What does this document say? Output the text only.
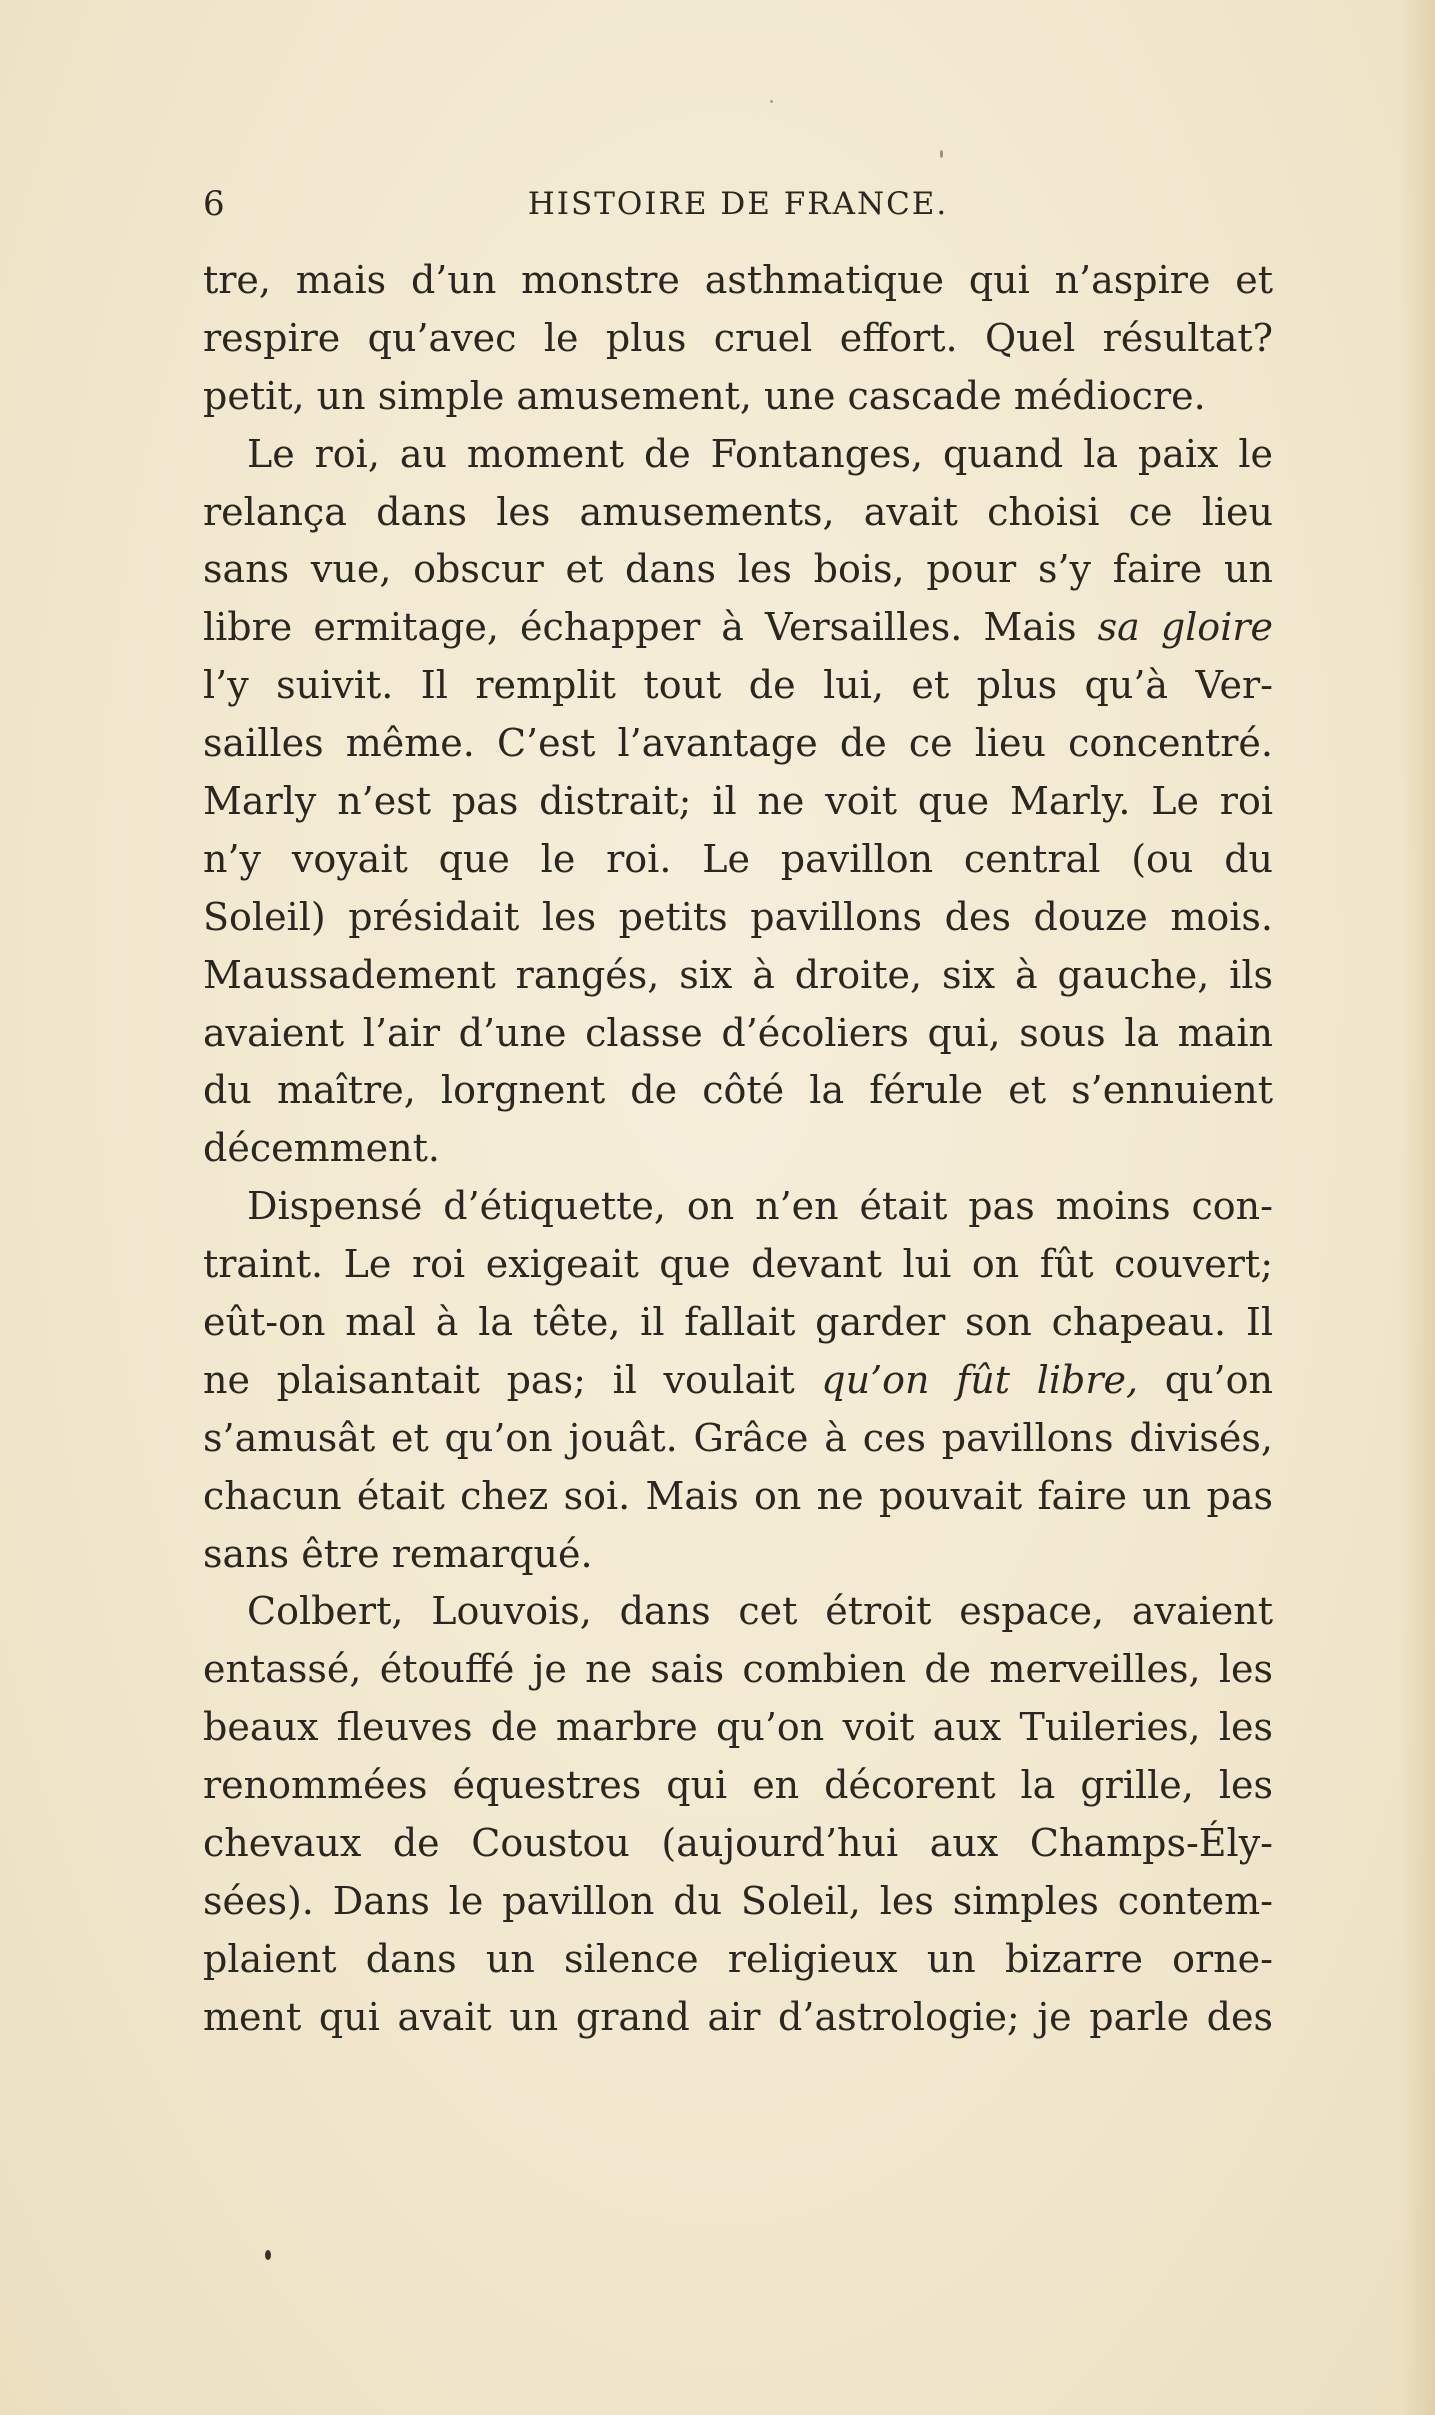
6	HISTOIRE DE FRANCE.
tre, mais d’un monstre asthmatique qui n’aspire et
respire qu’avec le plus cruel effort. Quel résultat?
petit, un simple amusement, une cascade médiocre.
Le roi, au moment de Fontanges, quand la paix le
relança dans les amusements, avait choisi ce lieu
sans vue, obscur et dans les bois, pour s’y faire un
libre ermitage, échapper à Versailles. Mais sa gloire
l’y suivit. Il remplit tout de lui, et plus qu’à Ver-
sailles même. C’est l’avantage de ce lieu concentré.
Marly n’est pas distrait; il ne voit que Marly. Le roi
n’y voyait que le roi. Le pavillon central (ou du
Soleil) présidait les petits pavillons des douze mois.
Maussadement rangés, six à droite, six à gauche, ils
avaient l’air d’une classe d’écoliers qui, sous la main
du maître, lorgnent de côté la férule et s’ennuient
décemment.
Dispensé d’étiquette, on n’en était pas moins con-
traint. Le roi exigeait que devant lui on fût couvert;
eût-on mal à la tête, il fallait garder son chapeau. Il
ne plaisantait pas; il voulait qu’on fût libre, qu’on
s’amusât et qu’on jouât. Grâce à ces pavillons divisés,
chacun était chez soi. Mais on ne pouvait faire un pas
sans être remarqué.
Colbert, Louvois, dans cet étroit espace, avaient
entassé, étouffé je ne sais combien de merveilles, les
beaux fleuves de marbre qu’on voit aux Tuileries, les
renommées équestres qui en décorent la grille, les
chevaux de Coustou (aujourd’hui aux Champs-Ély-
sées). Dans le pavillon du Soleil, les simples contem-
plaient dans un silence religieux un bizarre orne-
ment qui avait un grand air d’astrologie; je parle des
